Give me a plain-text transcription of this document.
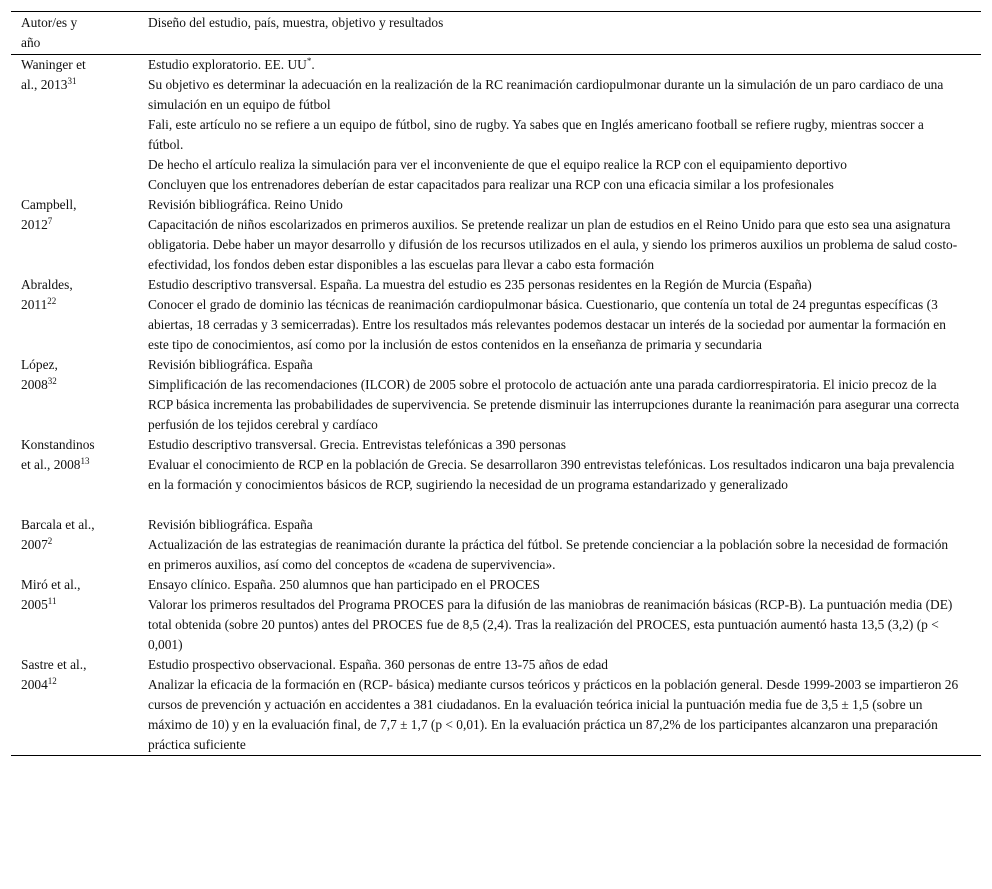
Autor/es y
año	Diseño del estudio, país, muestra, objetivo y resultados

Waninger et
al., 2013$^{31}$	Estudio exploratorio. EE. UU*.
Su objetivo es determinar la adecuación en la realización de la RC reanimación cardiopulmonar durante un la simulación de un paro cardiaco de una simulación en un equipo de fútbol
Fali, este artículo no se refiere a un equipo de fútbol, sino de rugby. Ya sabes que en Inglés americano football se refiere rugby, mientras soccer a fútbol.
De hecho el artículo realiza la simulación para ver el inconveniente de que el equipo realice la RCP con el equipamiento deportivo
Concluyen que los entrenadores deberían de estar capacitados para realizar una RCP con una eficacia similar a los profesionales

Campbell,
2012$^7$	Revisión bibliográfica. Reino Unido
Capacitación de niños escolarizados en primeros auxilios. Se pretende realizar un plan de estudios en el Reino Unido para que esto sea una asignatura obligatoria. Debe haber un mayor desarrollo y difusión de los recursos utilizados en el aula, y siendo los primeros auxilios un problema de salud costo-efectividad, los fondos deben estar disponibles a las escuelas para llevar a cabo esta formación

Abraldes,
2011$^{22}$	Estudio descriptivo transversal. España. La muestra del estudio es 235 personas residentes en la Región de Murcia (España)
Conocer el grado de dominio las técnicas de reanimación cardiopulmonar básica. Cuestionario, que contenía un total de 24 preguntas específicas (3 abiertas, 18 cerradas y 3 semicerradas). Entre los resultados más relevantes podemos destacar un interés de la sociedad por aumentar la formación en este tipo de conocimientos, así como por la inclusión de estos contenidos en la enseñanza de primaria y secundaria

López,
2008$^{32}$	Revisión bibliográfica. España
Simplificación de las recomendaciones (ILCOR) de 2005 sobre el protocolo de actuación ante una parada cardiorrespiratoria. El inicio precoz de la RCP básica incrementa las probabilidades de supervivencia. Se pretende disminuir las interrupciones durante la reanimación para asegurar una correcta perfusión de los tejidos cerebral y cardíaco

Konstandinos
et al., 2008$^{13}$	Estudio descriptivo transversal. Grecia. Entrevistas telefónicas a 390 personas
Evaluar el conocimiento de RCP en la población de Grecia. Se desarrollaron 390 entrevistas telefónicas. Los resultados indicaron una baja prevalencia en la formación y conocimientos básicos de RCP, sugiriendo la necesidad de un programa estandarizado y generalizado

Barcala et al.,
2007$^2$	Revisión bibliográfica. España
Actualización de las estrategias de reanimación durante la práctica del fútbol. Se pretende concienciar a la población sobre la necesidad de formación en primeros auxilios, así como del conceptos de «cadena de supervivencia».

Miró et al.,
2005$^{11}$	Ensayo clínico. España. 250 alumnos que han participado en el PROCES
Valorar los primeros resultados del Programa PROCES para la difusión de las maniobras de reanimación básicas (RCP-B). La puntuación media (DE) total obtenida (sobre 20 puntos) antes del PROCES fue de 8,5 (2,4). Tras la realización del PROCES, esta puntuación aumentó hasta 13,5 (3,2) (p < 0,001)

Sastre et al.,
2004$^{12}$	Estudio prospectivo observacional. España. 360 personas de entre 13-75 años de edad
Analizar la eficacia de la formación en (RCP- básica) mediante cursos teóricos y prácticos en la población general. Desde 1999-2003 se impartieron 26 cursos de prevención y actuación en accidentes a 381 ciudadanos. En la evaluación teórica inicial la puntuación media fue de 3,5 ± 1,5 (sobre un máximo de 10) y en la evaluación final, de 7,7 ± 1,7 (p < 0,01). En la evaluación práctica un 87,2% de los participantes alcanzaron una preparación práctica suficiente
